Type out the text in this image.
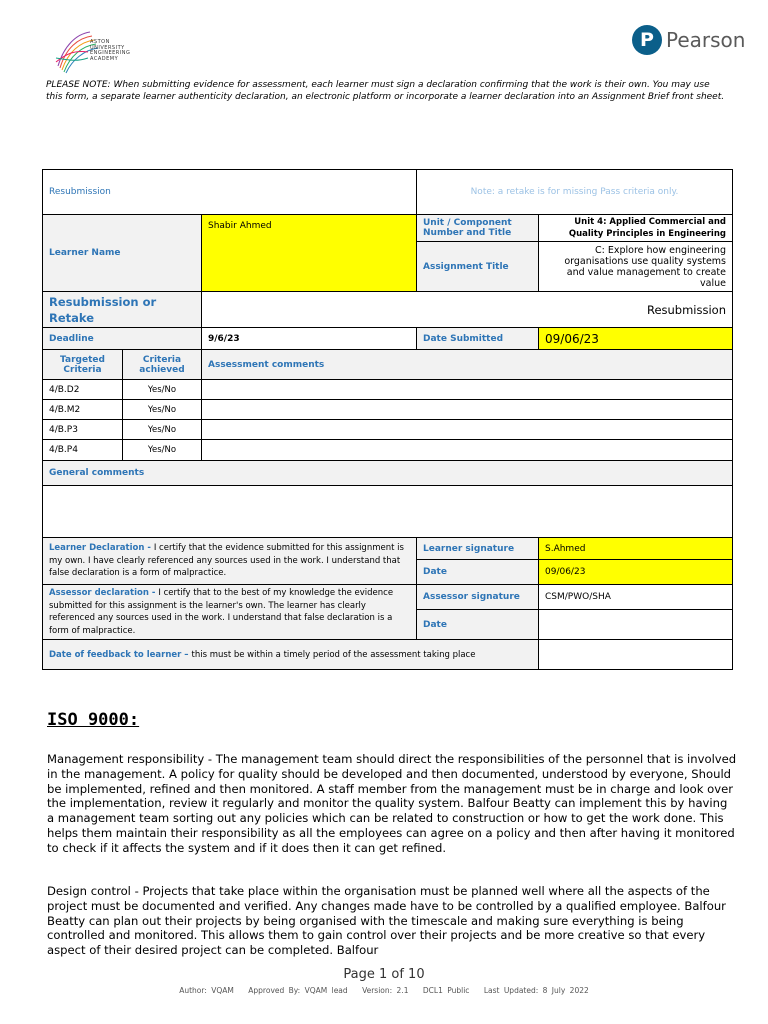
ASTON
UNIVERSITY
ENGINEERING
ACADEMY
P Pearson
PLEASE NOTE: When submitting evidence for assessment, each learner must sign a declaration confirming that the work is their own. You may use this form, a separate learner authenticity declaration, an electronic platform or incorporate a learner declaration into an Assignment Brief front sheet.
Resubmission			Note: a retake is for missing Pass criteria only.	
Learner Name		Shabir Ahmed	Unit / Component Number and Title	Unit 4: Applied Commercial and Quality Principles in Engineering
			Assignment Title	C: Explore how engineering organisations use quality systems and value management to create value
Resubmission or Retake		Resubmission		
Deadline		9/6/23	Date Submitted	09/06/23
Targeted Criteria	Criteria achieved	Assessment comments		
4/B.D2	Yes/No			
4/B.M2	Yes/No			
4/B.P3	Yes/No			
4/B.P4	Yes/No			
General comments				

Learner Declaration - I certify that the evidence submitted for this assignment is my own. I have clearly referenced any sources used in the work. I understand that false declaration is a form of malpractice.			Learner signature	S.Ahmed
			Date	09/06/23
Assessor declaration - I certify that to the best of my knowledge the evidence submitted for this assignment is the learner's own. The learner has clearly referenced any sources used in the work. I understand that false declaration is a form of malpractice.			Assessor signature	CSM/PWO/SHA
			Date	
Date of feedback to learner – this must be within a timely period of the assessment taking place				
ISO 9000:
Management responsibility - The management team should direct the responsibilities of the personnel that is involved in the management. A policy for quality should be developed and then documented, understood by everyone, Should be implemented, refined and then monitored. A staff member from the management must be in charge and look over the implementation, review it regularly and monitor the quality system. Balfour Beatty can implement this by having a management team sorting out any policies which can be related to construction or how to get the work done. This helps them maintain their responsibility as all the employees can agree on a policy and then after having it monitored to check if it affects the system and if it does then it can get refined.
Design control - Projects that take place within the organisation must be planned well where all the aspects of the project must be documented and verified. Any changes made have to be controlled by a qualified employee. Balfour Beatty can plan out their projects by being organised with the timescale and making sure everything is being controlled and monitored. This allows them to gain control over their projects and be more creative so that every aspect of their desired project can be completed. Balfour
Page 1 of 10
Author: VQAM Approved By: VQAM lead Version: 2.1 DCL1 Public Last Updated: 8 July 2022
